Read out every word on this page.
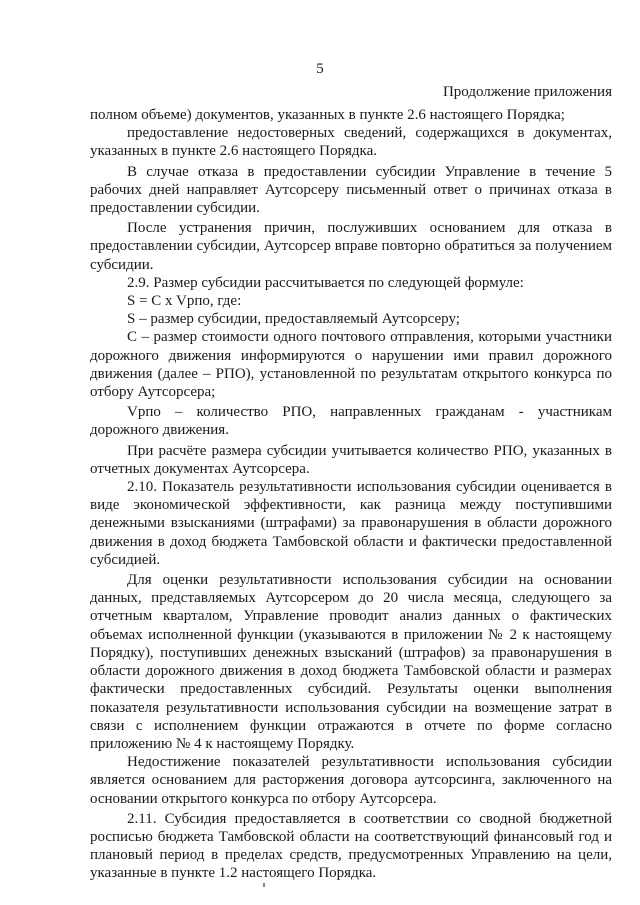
5
Продолжение приложения

полном объеме) документов, указанных в пункте 2.6 настоящего Порядка;

предоставление недостоверных сведений, содержащихся в документах, указанных в пункте 2.6 настоящего Порядка.

В случае отказа в предоставлении субсидии Управление в течение 5 рабочих дней направляет Аутсорсеру письменный ответ о причинах отказа в предоставлении субсидии.

После устранения причин, послуживших основанием для отказа в предоставлении субсидии, Аутсорсер вправе повторно обратиться за получением субсидии.

2.9. Размер субсидии рассчитывается по следующей формуле:

S = C x Vрпо, где:

S – размер субсидии, предоставляемый Аутсорсеру;

С – размер стоимости одного почтового отправления, которыми участники дорожного движения информируются о нарушении ими правил дорожного движения (далее – РПО), установленной по результатам открытого конкурса по отбору Аутсорсера;

Vрпо – количество РПО, направленных гражданам - участникам дорожного движения.

При расчёте размера субсидии учитывается количество РПО, указанных в отчетных документах Аутсорсера.

2.10. Показатель результативности использования субсидии оценивается в виде экономической эффективности, как разница между поступившими денежными взысканиями (штрафами) за правонарушения в области дорожного движения в доход бюджета Тамбовской области и фактически предоставленной субсидией.

Для оценки результативности использования субсидии на основании данных, представляемых Аутсорсером до 20 числа месяца, следующего за отчетным кварталом, Управление проводит анализ данных о фактических объемах исполненной функции (указываются в приложении № 2 к настоящему Порядку), поступивших денежных взысканий (штрафов) за правонарушения в области дорожного движения в доход бюджета Тамбовской области и размерах фактически предоставленных субсидий. Результаты оценки выполнения показателя результативности использования субсидии на возмещение затрат в связи с исполнением функции отражаются в отчете по форме согласно приложению № 4 к настоящему Порядку.

Недостижение показателей результативности использования субсидии является основанием для расторжения договора аутсорсинга, заключенного на основании открытого конкурса по отбору Аутсорсера.

2.11. Субсидия предоставляется в соответствии со сводной бюджетной росписью бюджета Тамбовской области на соответствующий финансовый год и плановый период в пределах средств, предусмотренных Управлению на цели, указанные в пункте 1.2 настоящего Порядка.
